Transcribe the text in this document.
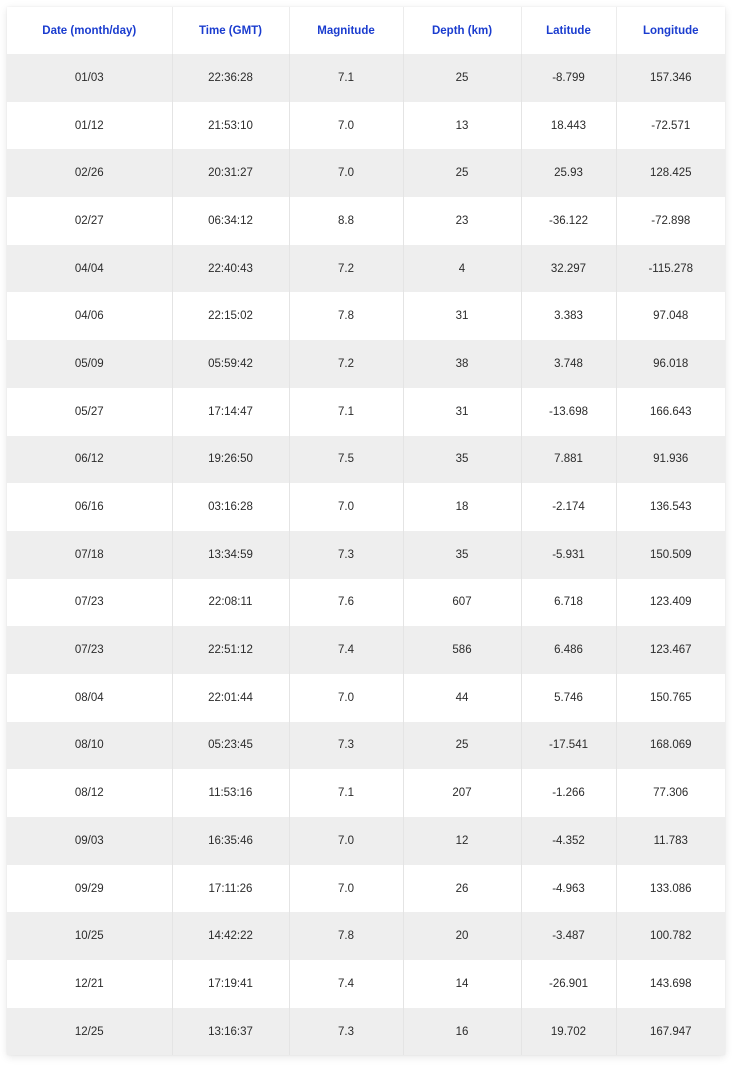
Date (month/day)	Time (GMT)	Magnitude	Depth (km)	Latitude	Longitude
01/03	22:36:28	7.1	25	-8.799	157.346
01/12	21:53:10	7.0	13	18.443	-72.571
02/26	20:31:27	7.0	25	25.93	128.425
02/27	06:34:12	8.8	23	-36.122	-72.898
04/04	22:40:43	7.2	4	32.297	-115.278
04/06	22:15:02	7.8	31	3.383	97.048
05/09	05:59:42	7.2	38	3.748	96.018
05/27	17:14:47	7.1	31	-13.698	166.643
06/12	19:26:50	7.5	35	7.881	91.936
06/16	03:16:28	7.0	18	-2.174	136.543
07/18	13:34:59	7.3	35	-5.931	150.509
07/23	22:08:11	7.6	607	6.718	123.409
07/23	22:51:12	7.4	586	6.486	123.467
08/04	22:01:44	7.0	44	5.746	150.765
08/10	05:23:45	7.3	25	-17.541	168.069
08/12	11:53:16	7.1	207	-1.266	77.306
09/03	16:35:46	7.0	12	-4.352	11.783
09/29	17:11:26	7.0	26	-4.963	133.086
10/25	14:42:22	7.8	20	-3.487	100.782
12/21	17:19:41	7.4	14	-26.901	143.698
12/25	13:16:37	7.3	16	19.702	167.947
